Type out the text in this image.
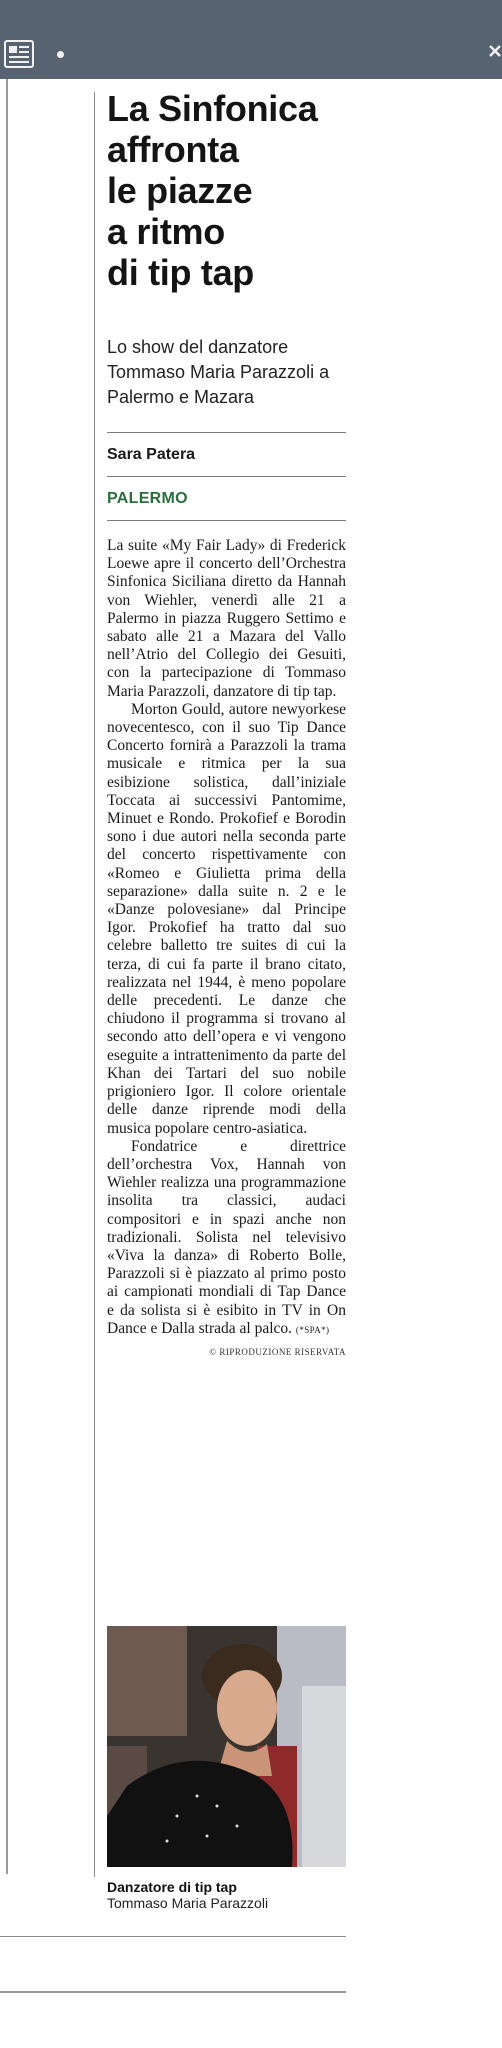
La Sinfonica
affronta
le piazze
a ritmo
di tip tap

Lo show del danzatore Tommaso Maria Parazzoli a Palermo e Mazara

Sara Patera
PALERMO

La suite «My Fair Lady» di Frederick Loewe apre il concerto dell’Orchestra Sinfonica Siciliana diretto da Hannah von Wiehler, venerdì alle 21 a Palermo in piazza Ruggero Settimo e sabato alle 21 a Mazara del Vallo nell’Atrio del Collegio dei Gesuiti, con la partecipazione di Tommaso Maria Parazzoli, danzatore di tip tap.

Morton Gould, autore newyorkese novecentesco, con il suo Tip Dance Concerto fornirà a Parazzoli la trama musicale e ritmica per la sua esibizione solistica, dall’iniziale Toccata ai successivi Pantomime, Minuet e Rondo. Prokofief e Borodin sono i due autori nella seconda parte del concerto rispettivamente con «Romeo e Giulietta prima della separazione» dalla suite n. 2 e le «Danze polovesiane» dal Principe Igor. Prokofief ha tratto dal suo celebre balletto tre suites di cui la terza, di cui fa parte il brano citato, realizzata nel 1944, è meno popolare delle precedenti. Le danze che chiudono il programma si trovano al secondo atto dell’opera e vi vengono eseguite a intrattenimento da parte del Khan dei Tartari del suo nobile prigioniero Igor. Il colore orientale delle danze riprende modi della musica popolare centro-asiatica.

Fondatrice e direttrice dell’orchestra Vox, Hannah von Wiehler realizza una programmazione insolita tra classici, audaci compositori e in spazi anche non tradizionali. Solista nel televisivo «Viva la danza» di Roberto Bolle, Parazzoli si è piazzato al primo posto ai campionati mondiali di Tap Dance e da solista si è esibito in TV in On Dance e Dalla strada al palco. (*SPA*)

© RIPRODUZIONE RISERVATA
Danzatore di tip tap
Tommaso Maria Parazzoli
